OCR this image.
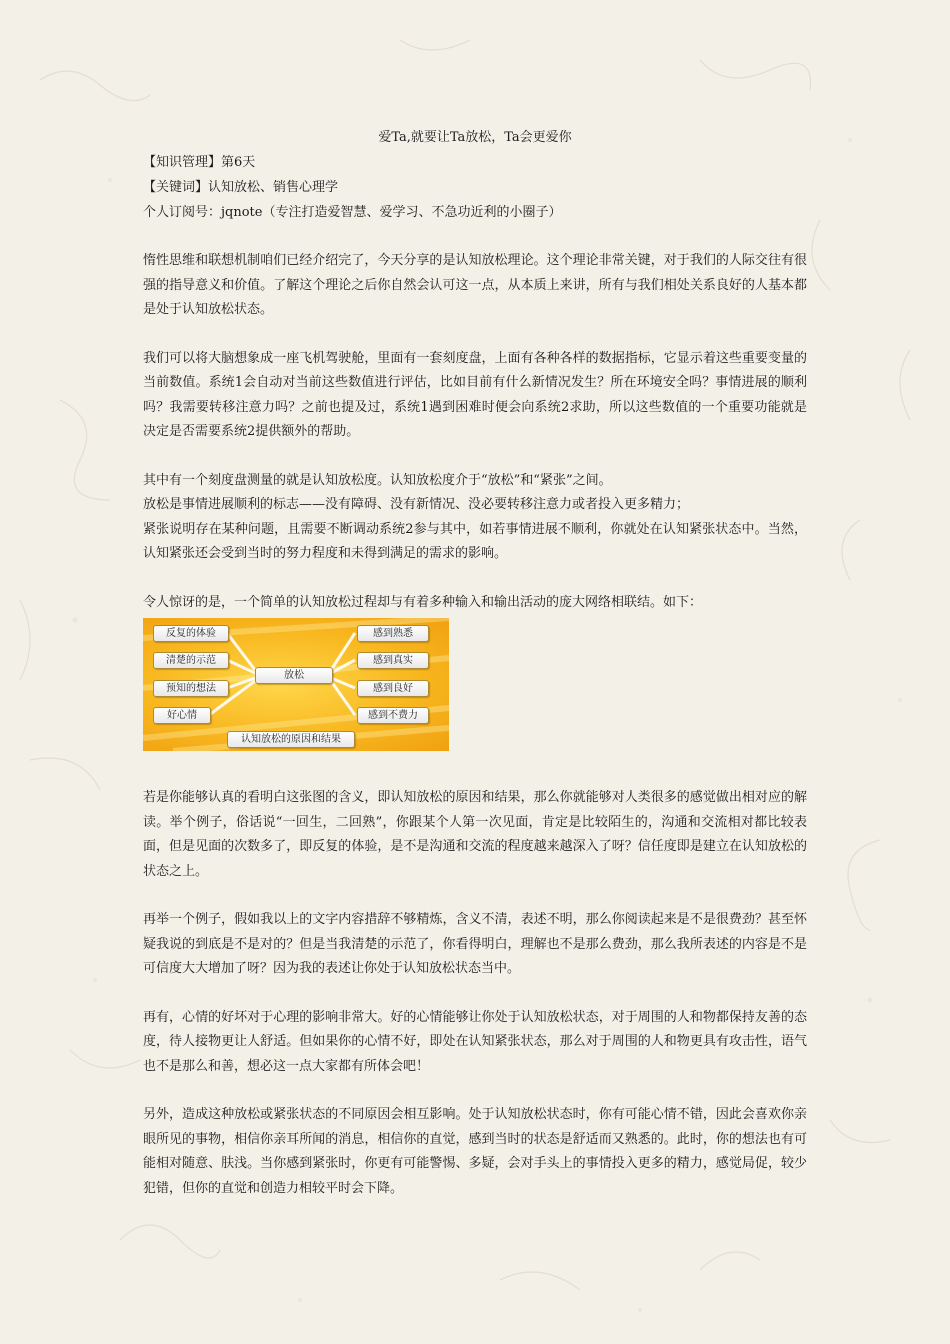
爱Ta,就要让Ta放松，Ta会更爱你

【知识管理】第6天

【关键词】认知放松、销售心理学

个人订阅号：jqnote（专注打造爱智慧、爱学习、不急功近利的小圈子）

惰性思维和联想机制咱们已经介绍完了，今天分享的是认知放松理论。这个理论非常关键，对于我们的人际交往有很强的指导意义和价值。了解这个理论之后你自然会认可这一点，从本质上来讲，所有与我们相处关系良好的人基本都是处于认知放松状态。

我们可以将大脑想象成一座飞机驾驶舱，里面有一套刻度盘，上面有各种各样的数据指标，它显示着这些重要变量的当前数值。系统1会自动对当前这些数值进行评估，比如目前有什么新情况发生？所在环境安全吗？事情进展的顺利吗？我需要转移注意力吗？之前也提及过，系统1遇到困难时便会向系统2求助，所以这些数值的一个重要功能就是决定是否需要系统2提供额外的帮助。

其中有一个刻度盘测量的就是认知放松度。认知放松度介于“放松”和“紧张”之间。

放松是事情进展顺利的标志——没有障碍、没有新情况、没必要转移注意力或者投入更多精力；

紧张说明存在某种问题，且需要不断调动系统2参与其中，如若事情进展不顺利，你就处在认知紧张状态中。当然，认知紧张还会受到当时的努力程度和未得到满足的需求的影响。

令人惊讶的是，一个简单的认知放松过程却与有着多种输入和输出活动的庞大网络相联结。如下：

反复的体验
清楚的示范
预知的想法
好心情
放松
感到熟悉
感到真实
感到良好
感到不费力
认知放松的原因和结果

若是你能够认真的看明白这张图的含义，即认知放松的原因和结果，那么你就能够对人类很多的感觉做出相对应的解读。举个例子，俗话说“一回生，二回熟”，你跟某个人第一次见面，肯定是比较陌生的，沟通和交流相对都比较表面，但是见面的次数多了，即反复的体验，是不是沟通和交流的程度越来越深入了呀？信任度即是建立在认知放松的状态之上。

再举一个例子，假如我以上的文字内容措辞不够精炼，含义不清，表述不明，那么你阅读起来是不是很费劲？甚至怀疑我说的到底是不是对的？但是当我清楚的示范了，你看得明白，理解也不是那么费劲，那么我所表述的内容是不是可信度大大增加了呀？因为我的表述让你处于认知放松状态当中。

再有，心情的好坏对于心理的影响非常大。好的心情能够让你处于认知放松状态，对于周围的人和物都保持友善的态度，待人接物更让人舒适。但如果你的心情不好，即处在认知紧张状态，那么对于周围的人和物更具有攻击性，语气也不是那么和善，想必这一点大家都有所体会吧！

另外，造成这种放松或紧张状态的不同原因会相互影响。处于认知放松状态时，你有可能心情不错，因此会喜欢你亲眼所见的事物，相信你亲耳所闻的消息，相信你的直觉，感到当时的状态是舒适而又熟悉的。此时，你的想法也有可能相对随意、肤浅。当你感到紧张时，你更有可能警惕、多疑，会对手头上的事情投入更多的精力，感觉局促，较少犯错，但你的直觉和创造力相较平时会下降。
